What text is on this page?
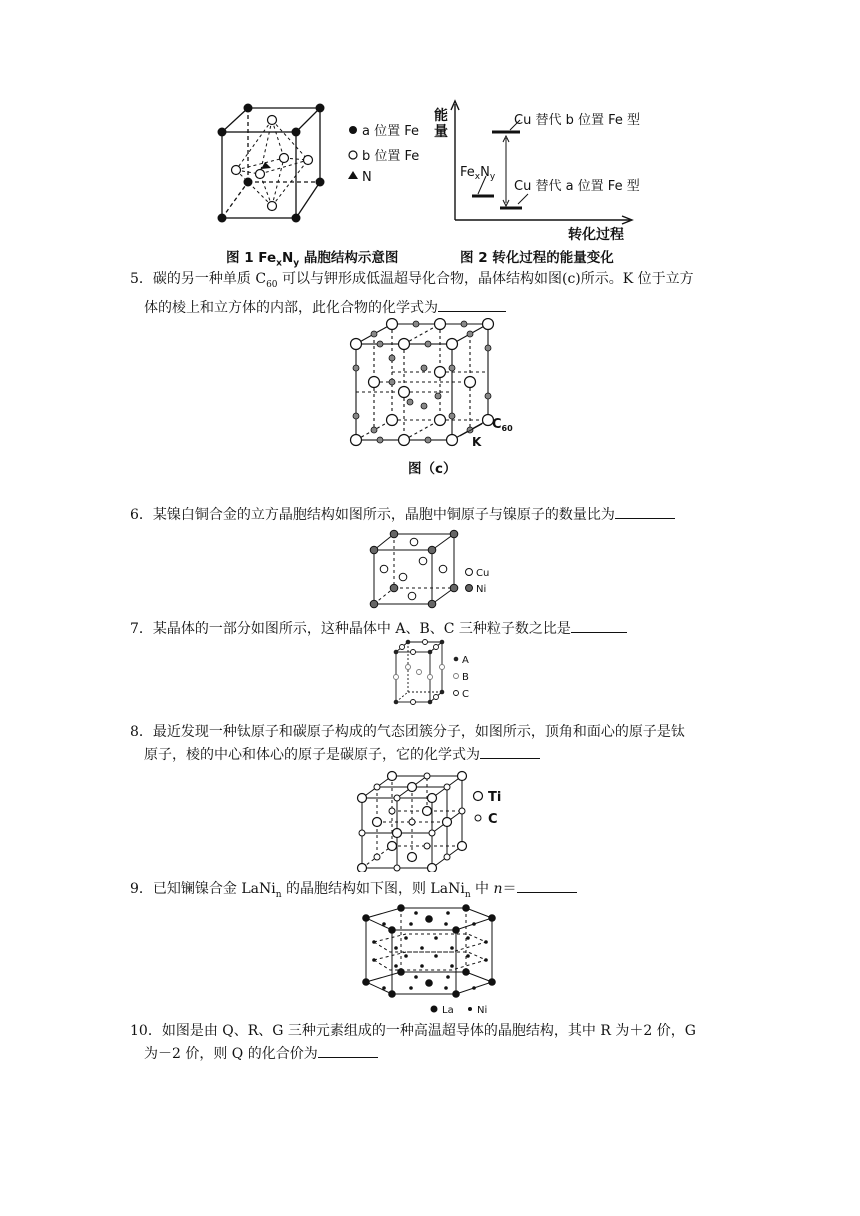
a 位置 Fe
b 位置 Fe
N
图 1 $Fe_xN_y$ 晶胞结构示意图
能
量
Cu 替代 b 位置 Fe 型
Cu 替代 a 位置 Fe 型
$Fe_xN_y$
转化过程
图 2 转化过程的能量变化
5．碳的另一种单质 $C_{60}$ 可以与钾形成低温超导化合物，晶体结构如图(c)所示。K 位于立方
体的棱上和立方体的内部，此化合物的化学式为
K
$C_{60}$
图（c）
6．某镍白铜合金的立方晶胞结构如图所示，晶胞中铜原子与镍原子的数量比为
Cu
Ni
7．某晶体的一部分如图所示，这种晶体中 A、B、C 三种粒子数之比是
A
B
C
8．最近发现一种钛原子和碳原子构成的气态团簇分子，如图所示，顶角和面心的原子是钛
原子，棱的中心和体心的原子是碳原子，它的化学式为
Ti
C
9．已知镧镍合金 LaNi$_n$ 的晶胞结构如下图，则 LaNi$_n$ 中 n＝
La Ni
10．如图是由 Q、R、G 三种元素组成的一种高温超导体的晶胞结构，其中 R 为＋2 价，G
为－2 价，则 Q 的化合价为
